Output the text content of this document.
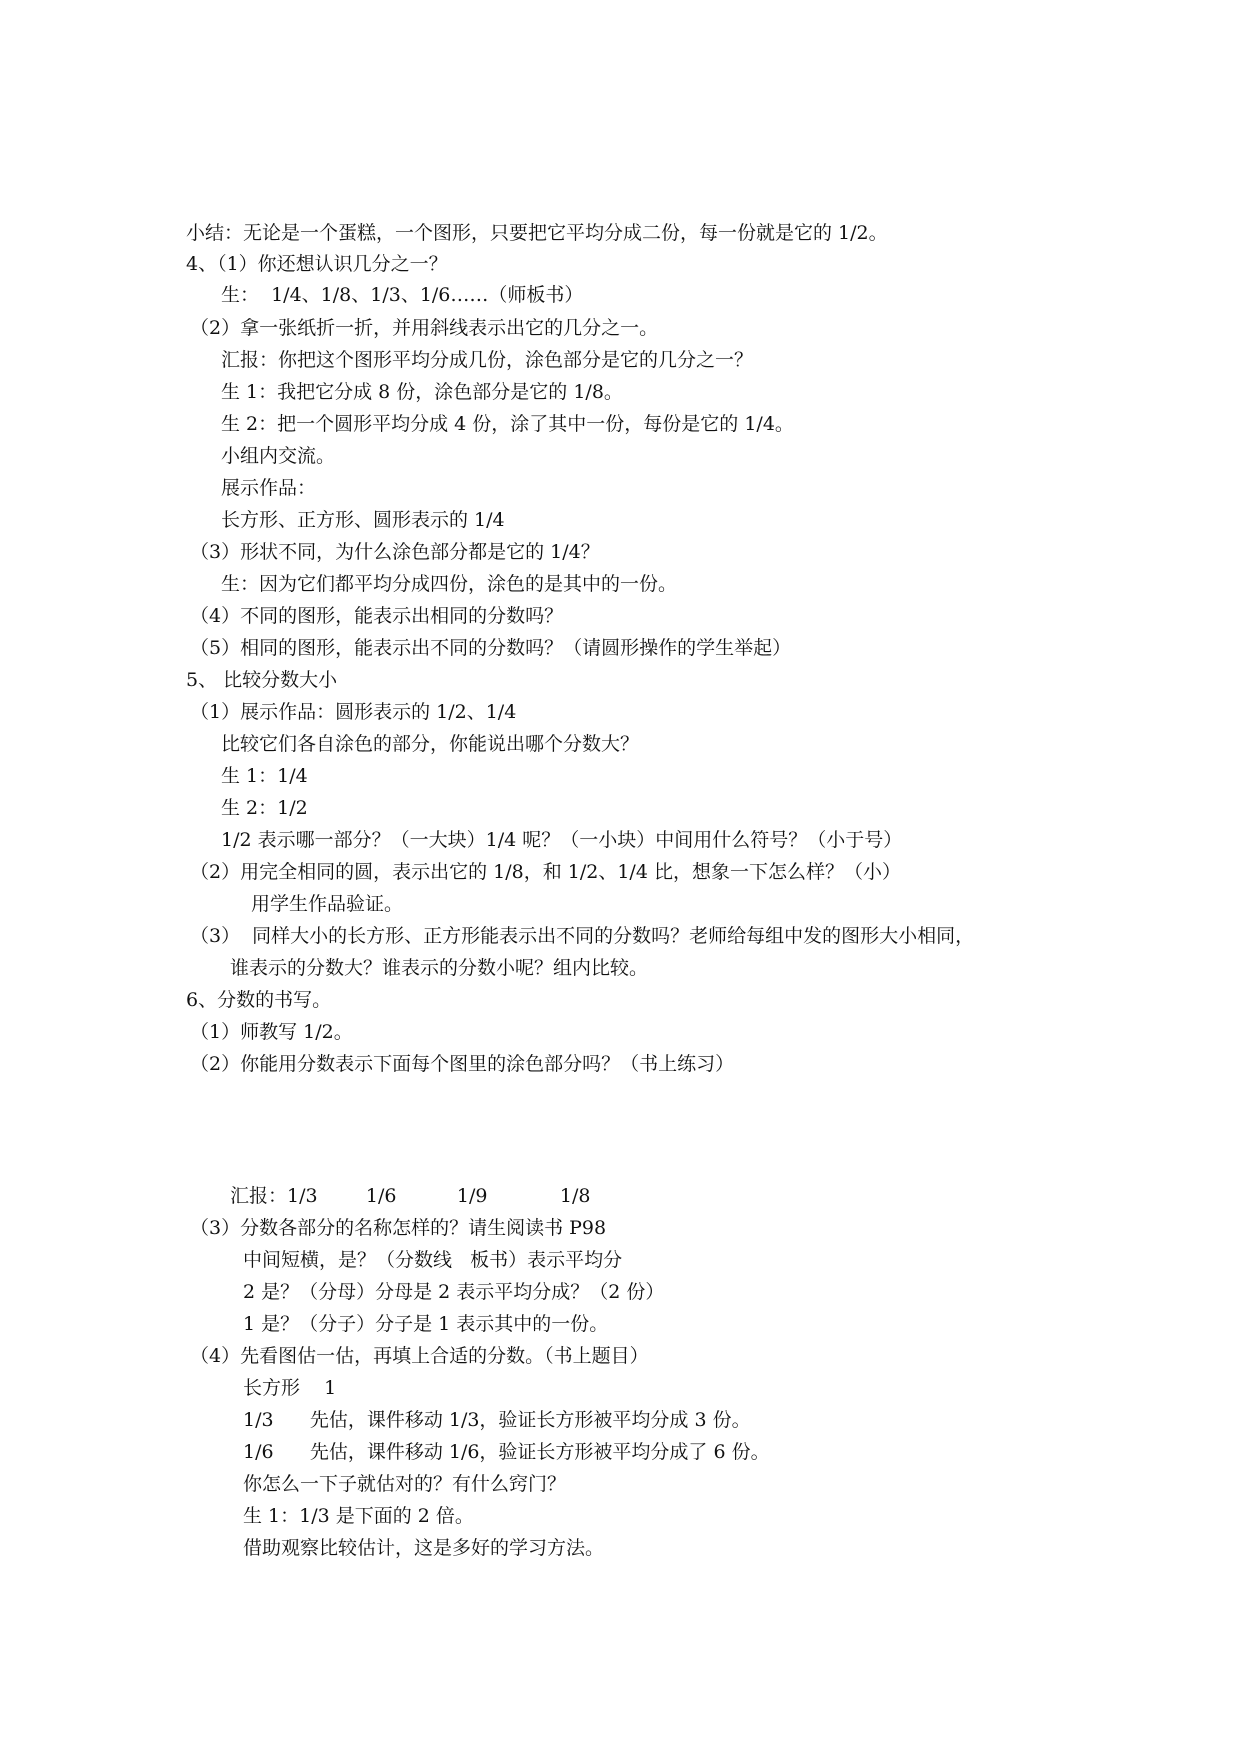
小结：无论是一个蛋糕，一个图形，只要把它平均分成二份，每一份就是它的 1/2。
4、（1）你还想认识几分之一？
生：  1/4、1/8、1/3、1/6……（师板书）
（2）拿一张纸折一折，并用斜线表示出它的几分之一。
汇报：你把这个图形平均分成几份，涂色部分是它的几分之一？
生 1：我把它分成 8 份，涂色部分是它的 1/8。
生 2：把一个圆形平均分成 4 份，涂了其中一份，每份是它的 1/4。
小组内交流。
展示作品：
长方形、正方形、圆形表示的 1/4
（3）形状不同，为什么涂色部分都是它的 1/4？
生：因为它们都平均分成四份，涂色的是其中的一份。
（4）不同的图形，能表示出相同的分数吗？
（5）相同的图形，能表示出不同的分数吗？（请圆形操作的学生举起）
5、 比较分数大小
（1）展示作品：圆形表示的 1/2、1/4
比较它们各自涂色的部分，你能说出哪个分数大？
生 1：1/4
生 2：1/2
1/2 表示哪一部分？（一大块）1/4 呢？（一小块）中间用什么符号？（小于号）
（2）用完全相同的圆，表示出它的 1/8，和 1/2、1/4 比，想象一下怎么样？（小）
用学生作品验证。
（3）  同样大小的长方形、正方形能表示出不同的分数吗？老师给每组中发的图形大小相同，
谁表示的分数大？谁表示的分数小呢？组内比较。
6、分数的书写。
（1）师教写 1/2。
（2）你能用分数表示下面每个图里的涂色部分吗？（书上练习）
汇报：1/3        1/6          1/9            1/8
（3）分数各部分的名称怎样的？请生阅读书 P98
中间短横，是？（分数线   板书）表示平均分
2 是？（分母）分母是 2 表示平均分成？（2 份）
1 是？（分子）分子是 1 表示其中的一份。
（4）先看图估一估，再填上合适的分数。（书上题目）
长方形    1
1/3      先估，课件移动 1/3，验证长方形被平均分成 3 份。
1/6      先估，课件移动 1/6，验证长方形被平均分成了 6 份。
你怎么一下子就估对的？有什么窍门？
生 1：1/3 是下面的 2 倍。
借助观察比较估计，这是多好的学习方法。
